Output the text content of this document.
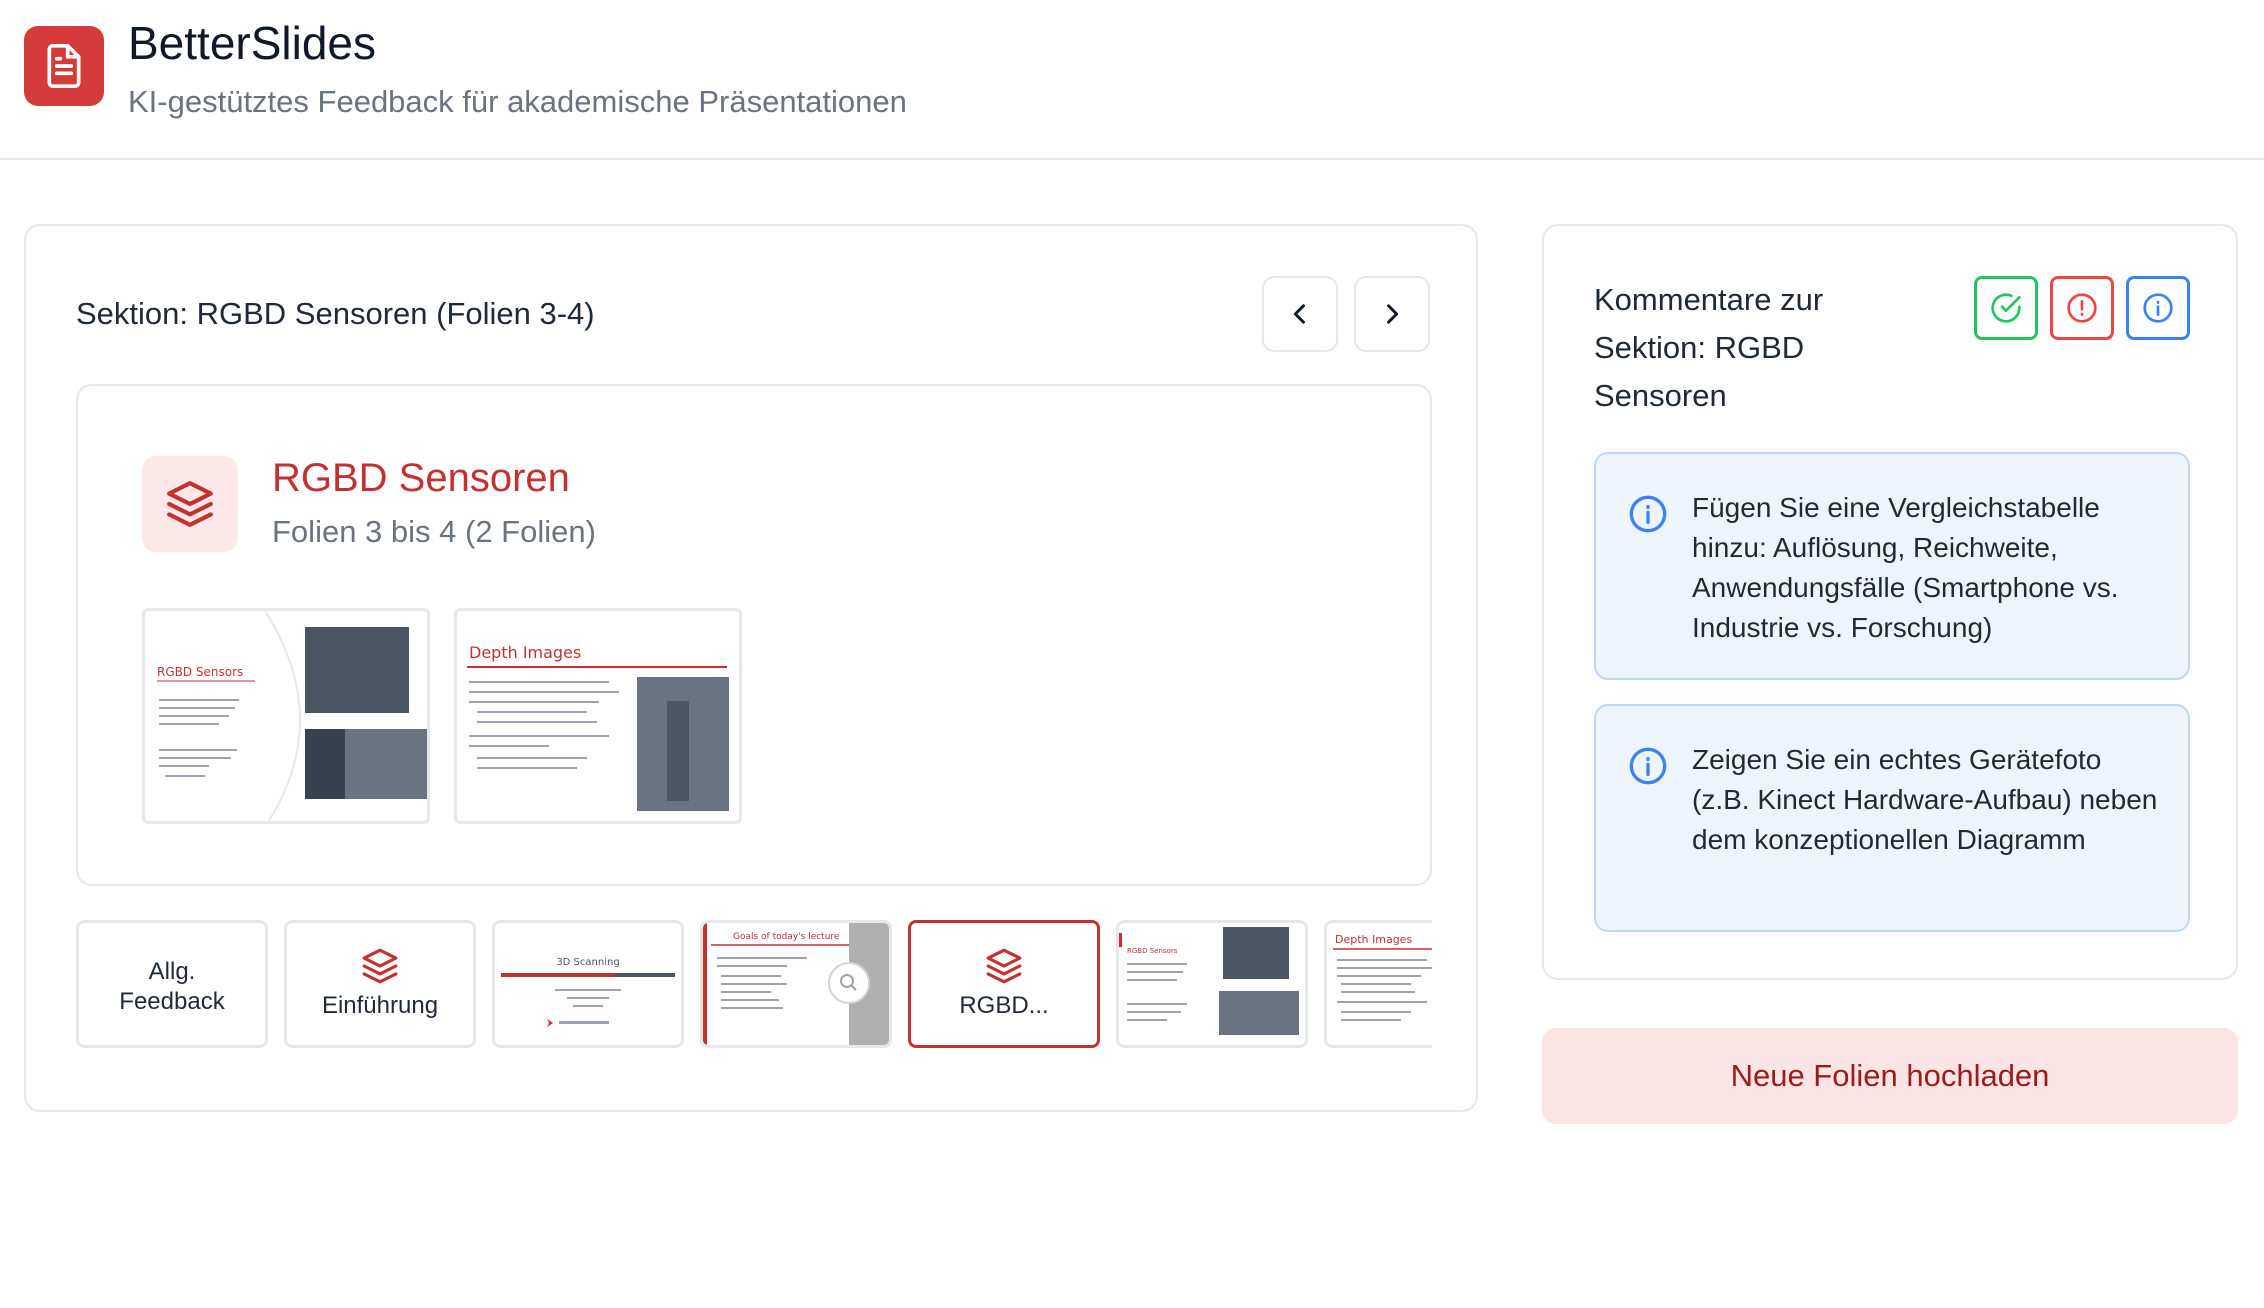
BetterSlides
KI-gestütztes Feedback für akademische Präsentationen
Sektion: RGBD Sensoren (Folien 3-4)
RGBD Sensoren
Folien 3 bis 4 (2 Folien)
RGBD Sensors
Depth Images
Allg. Feedback	Einführung
3D Scanning
Goals of today's lecture
RGBD...
RGBD Sensors
Depth Images
Kommentare zur Sektion: RGBD Sensoren
Fügen Sie eine Vergleichstabelle hinzu: Auflösung, Reichweite, Anwendungsfälle (Smartphone vs. Industrie vs. Forschung)
Zeigen Sie ein echtes Gerätefoto (z.B. Kinect Hardware-Aufbau) neben dem konzeptionellen Diagramm
Neue Folien hochladen
